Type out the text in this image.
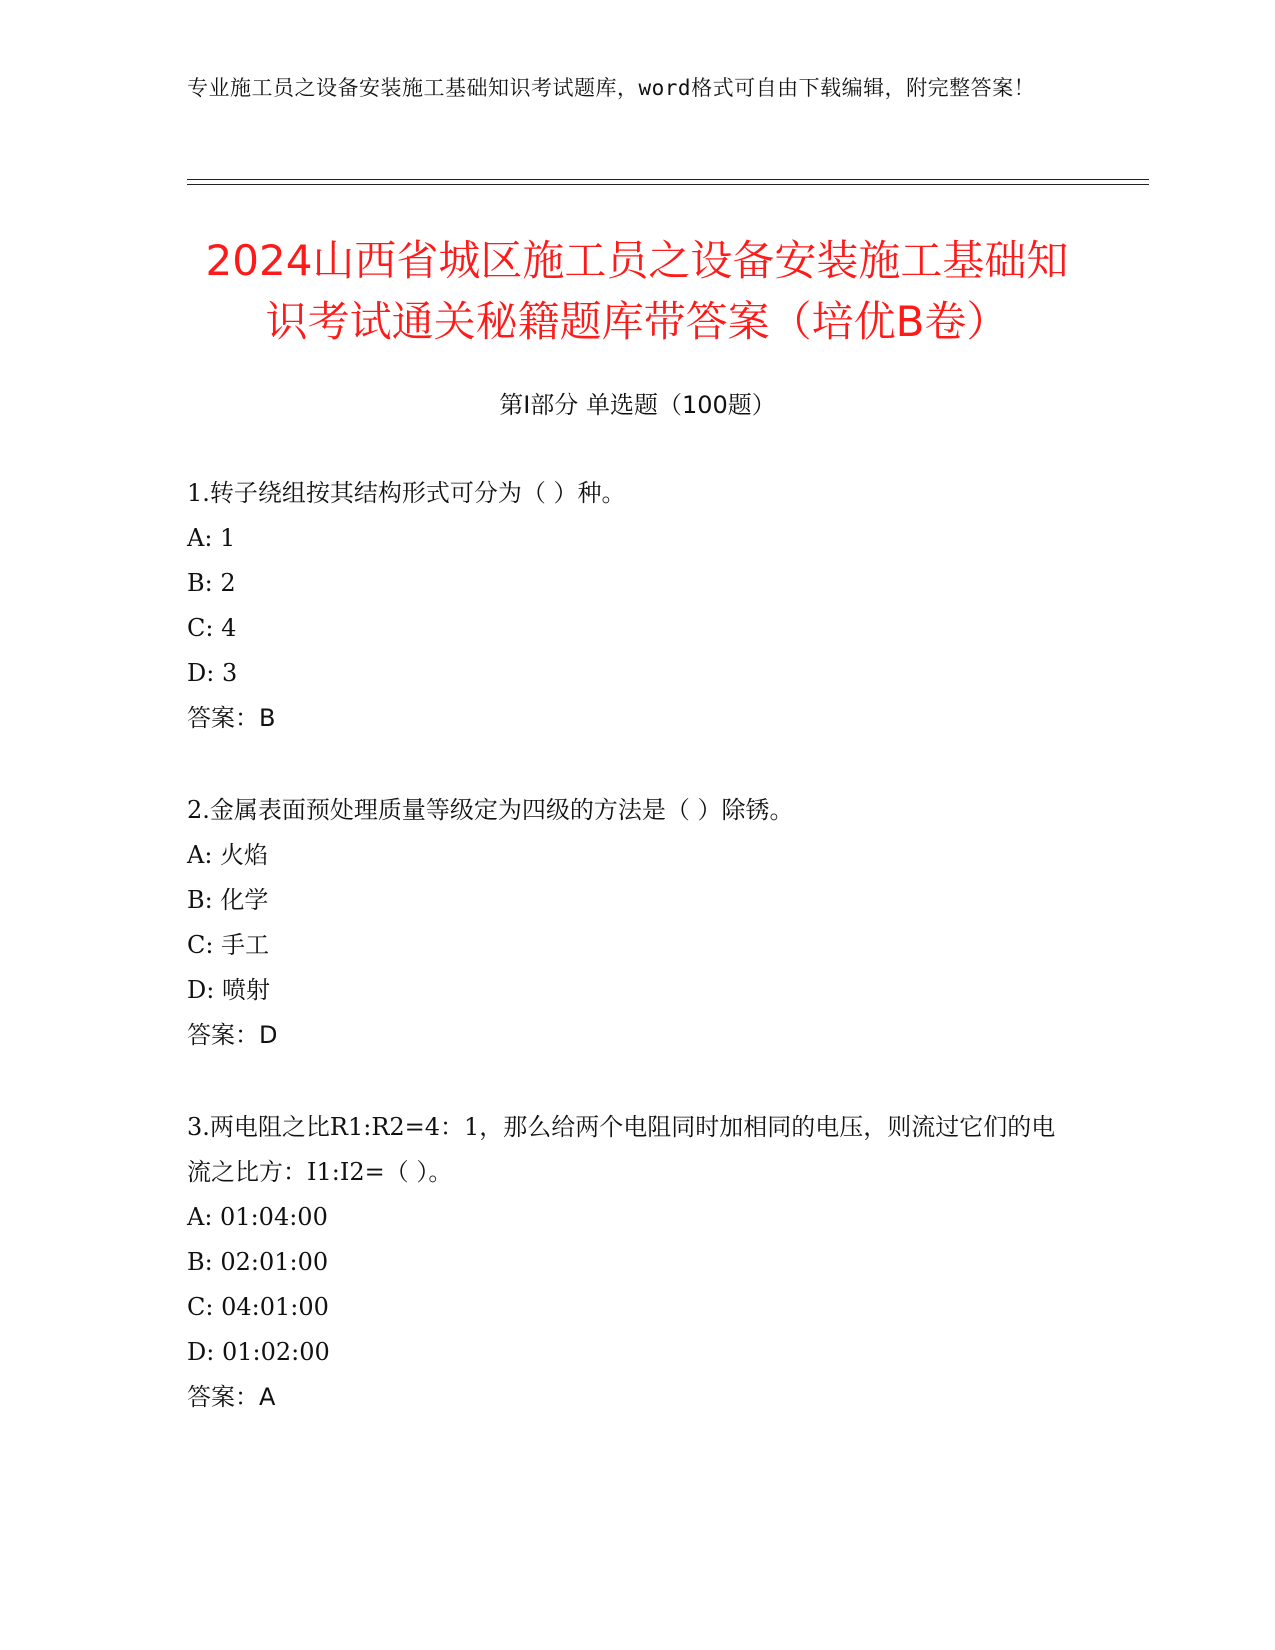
专业施工员之设备安装施工基础知识考试题库，word格式可自由下载编辑，附完整答案！
2024山西省城区施工员之设备安装施工基础知识考试通关秘籍题库带答案（培优B卷）
第Ⅰ部分 单选题（100题）
1.转子绕组按其结构形式可分为（ ）种。
A: 1
B: 2
C: 4
D: 3
答案：B
2.金属表面预处理质量等级定为四级的方法是（ ）除锈。
A: 火焰
B: 化学
C: 手工
D: 喷射
答案：D
3.两电阻之比R1:R2=4：1，那么给两个电阻同时加相同的电压，则流过它们的电流之比方：I1:I2=（ ）。
A: 01:04:00
B: 02:01:00
C: 04:01:00
D: 01:02:00
答案：A
